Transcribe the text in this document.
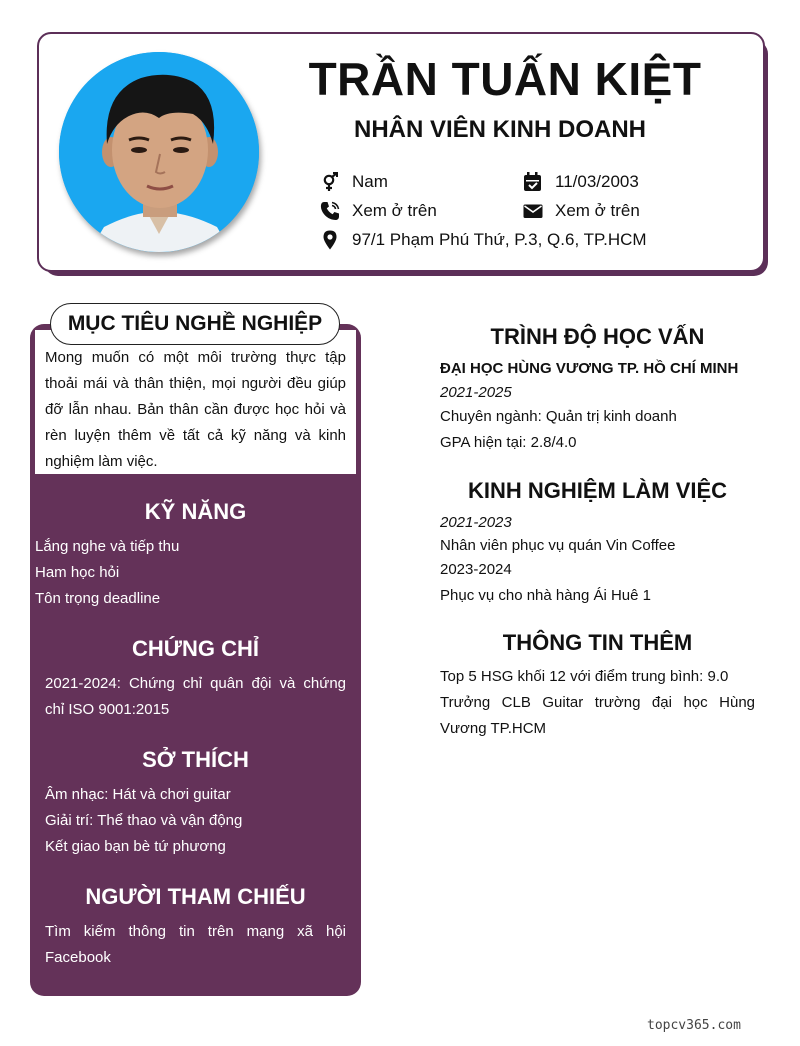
TRẦN TUẤN KIỆT
NHÂN VIÊN KINH DOANH
Nam	11/03/2003
Xem ở trên	Xem ở trên
97/1 Phạm Phú Thứ, P.3, Q.6, TP.HCM
MỤC TIÊU NGHỀ NGHIỆP
Mong muốn có một môi trường thực tập thoải mái và thân thiện, mọi người đều giúp đỡ lẫn nhau. Bản thân cần được học hỏi và rèn luyện thêm về tất cả kỹ năng và kinh nghiệm làm việc.
KỸ NĂNG
Lắng nghe và tiếp thu
Ham học hỏi
Tôn trọng deadline
CHỨNG CHỈ
2021-2024: Chứng chỉ quân đội và chứng chỉ ISO 9001:2015
SỞ THÍCH
Âm nhạc: Hát và chơi guitar
Giải trí: Thể thao và vận động
Kết giao bạn bè tứ phương
NGƯỜI THAM CHIẾU
Tìm kiếm thông tin trên mạng xã hội Facebook
TRÌNH ĐỘ HỌC VẤN
ĐẠI HỌC HÙNG VƯƠNG TP. HỒ CHÍ MINH
2021-2025
Chuyên ngành: Quản trị kinh doanh
GPA hiện tại: 2.8/4.0
KINH NGHIỆM LÀM VIỆC
2021-2023
Nhân viên phục vụ quán Vin Coffee
2023-2024
Phục vụ cho nhà hàng Ái Huê 1
THÔNG TIN THÊM
Top 5 HSG khối 12 với điểm trung bình: 9.0
Trưởng CLB Guitar trường đại học Hùng Vương TP.HCM
topcv365.com
